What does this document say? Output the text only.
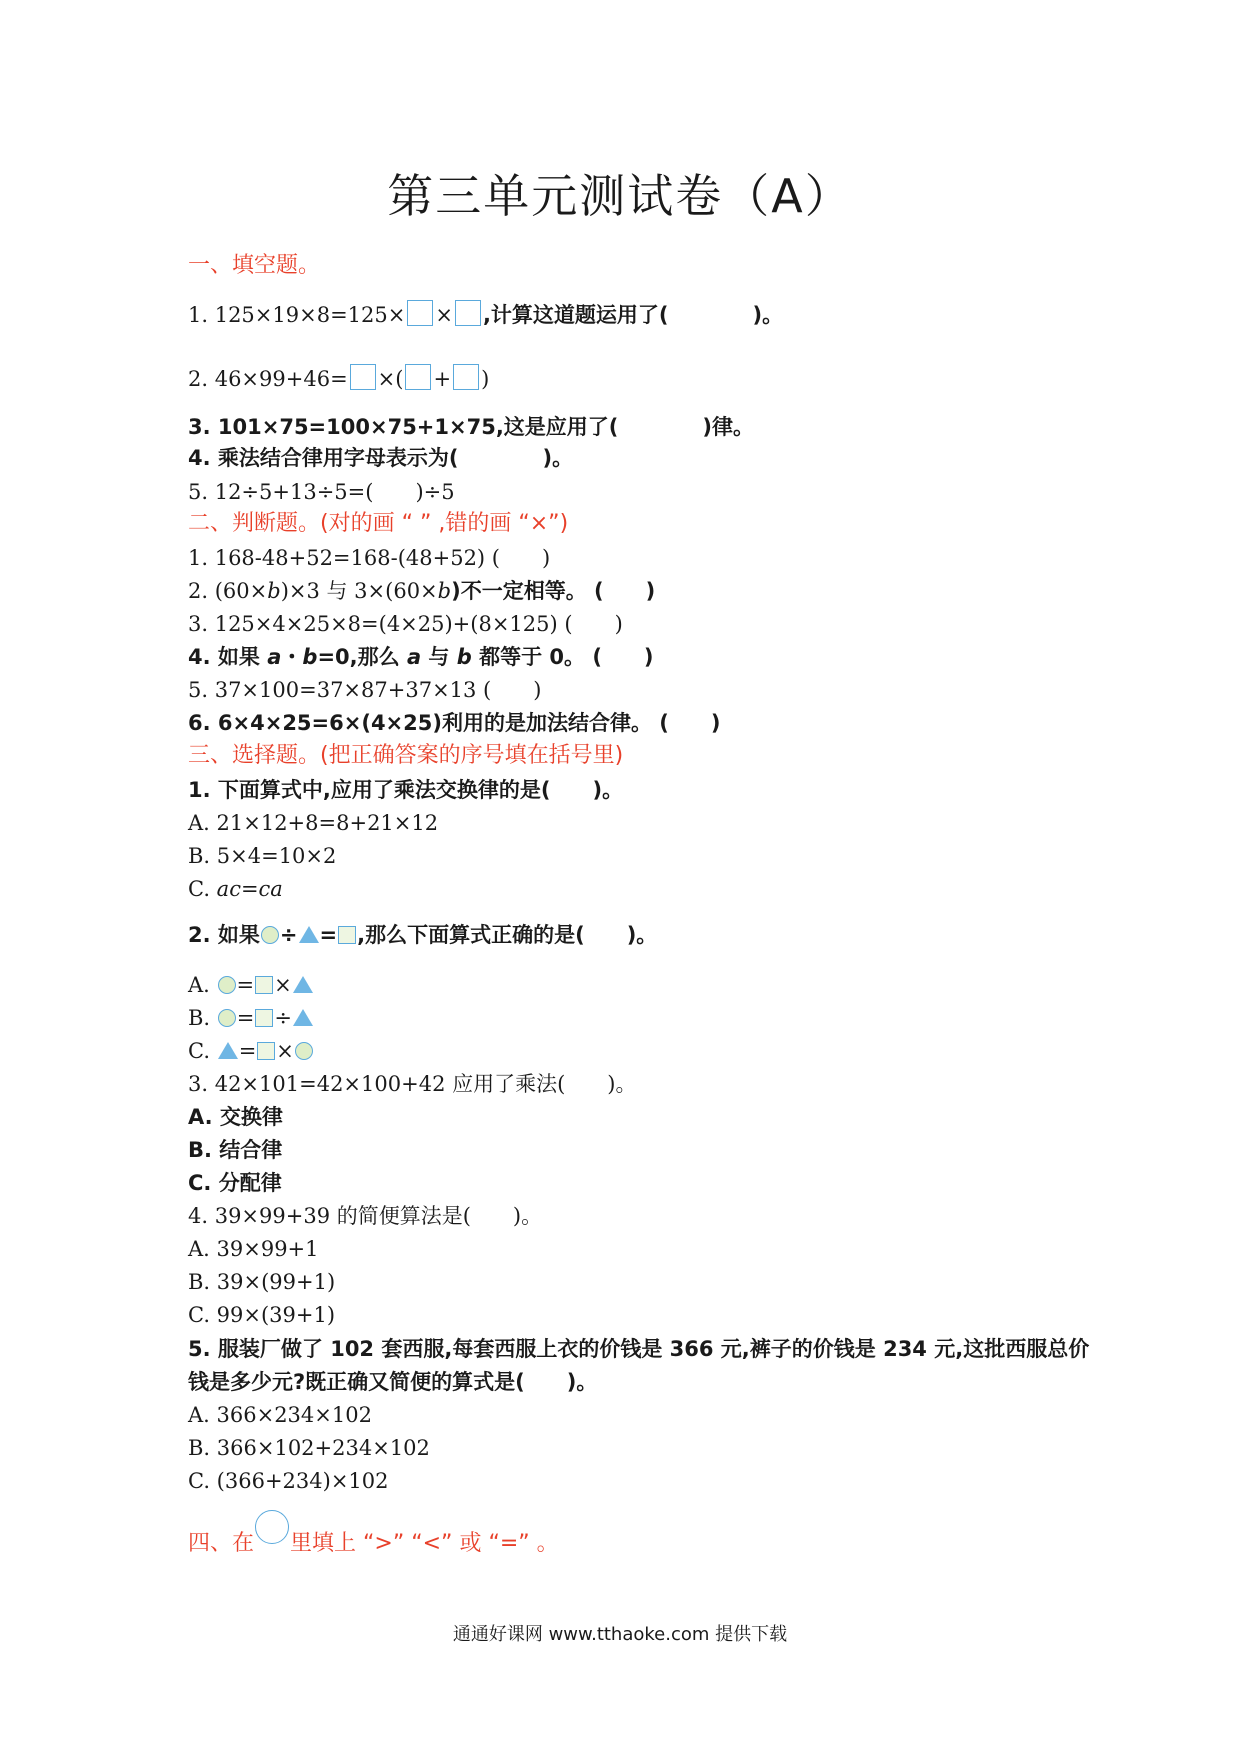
第三单元测试卷（A）
一、填空题。
1. 125×19×8=125× × ,计算这道题运用了(　　　　)。
2. 46×99+46= ×( + )
3. 101×75=100×75+1×75,这是应用了(　　　　)律。
4. 乘法结合律用字母表示为(　　　　)。
5. 12÷5+13÷5=(　　)÷5
二、判断题。(对的画 “ ” ,错的画 “×”)
1. 168-48+52=168-(48+52) (　　)
2. (60×b)×3 与 3×(60×b)不一定相等。 (　　)
3. 125×4×25×8=(4×25)+(8×125) (　　)
4. 如果 a・b=0,那么 a 与 b 都等于 0。 (　　)
5. 37×100=37×87+37×13 (　　)
6. 6×4×25=6×(4×25)利用的是加法结合律。 (　　)
三、选择题。(把正确答案的序号填在括号里)
1. 下面算式中,应用了乘法交换律的是(　　)。
A. 21×12+8=8+21×12
B. 5×4=10×2
C. ac=ca
2. 如果 ÷ = ,那么下面算式正确的是(　　)。
A. = ×
B. = ÷
C. = ×
3. 42×101=42×100+42 应用了乘法(　　)。
A. 交换律
B. 结合律
C. 分配律
4. 39×99+39 的简便算法是(　　)。
A. 39×99+1
B. 39×(99+1)
C. 99×(39+1)
5. 服装厂做了 102 套西服,每套西服上衣的价钱是 366 元,裤子的价钱是 234 元,这批西服总价
钱是多少元?既正确又简便的算式是(　　)。
A. 366×234×102
B. 366×102+234×102
C. (366+234)×102
四、在 里填上 “>” “<” 或 “=” 。
通通好课网 www.tthaoke.com 提供下载
